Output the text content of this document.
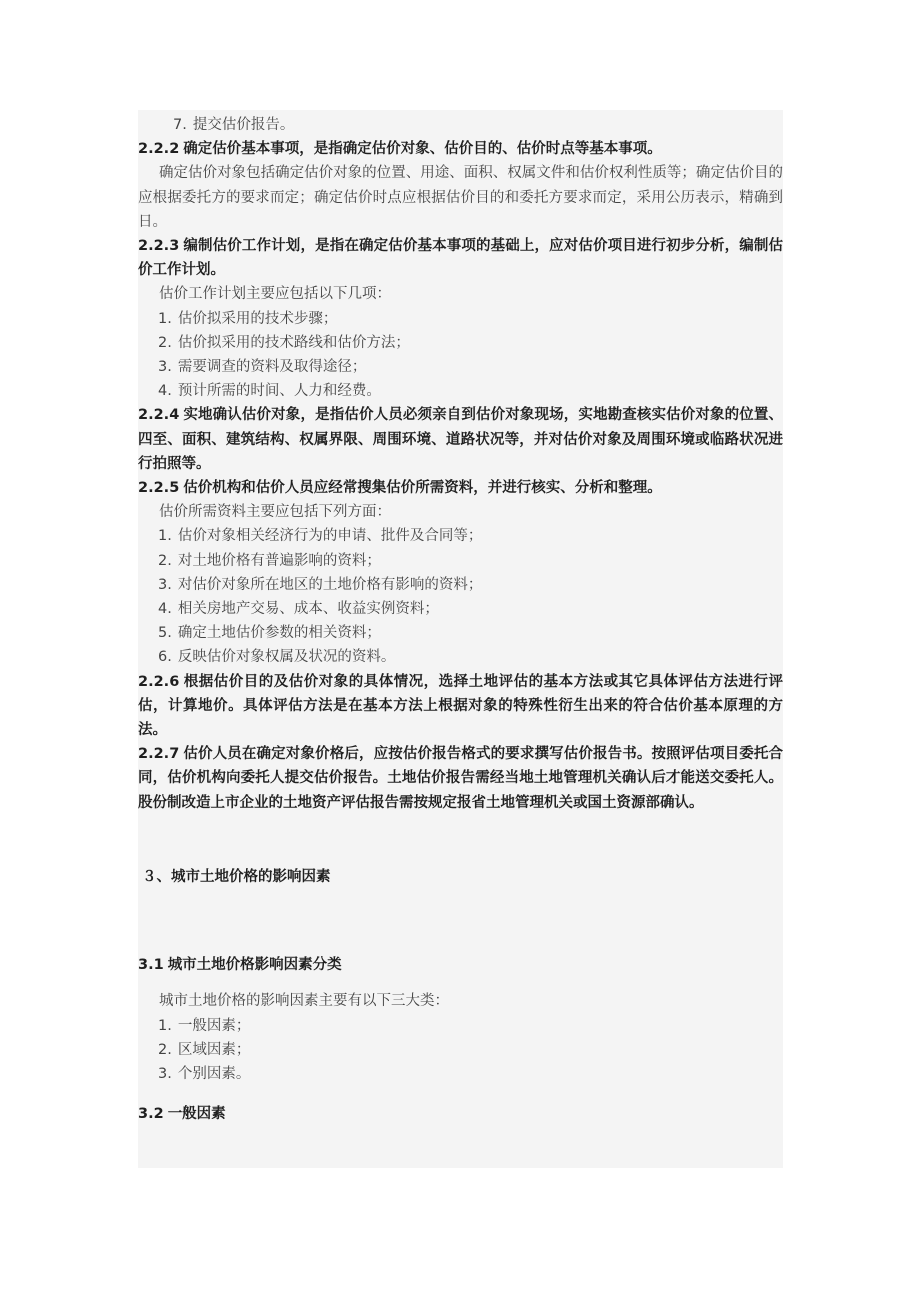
7. 提交估价报告。

2.2.2 确定估价基本事项，是指确定估价对象、估价目的、估价时点等基本事项。

确定估价对象包括确定估价对象的位置、用途、面积、权属文件和估价权利性质等；确定估价目的应根据委托方的要求而定；确定估价时点应根据估价目的和委托方要求而定，采用公历表示，精确到日。

2.2.3 编制估价工作计划，是指在确定估价基本事项的基础上，应对估价项目进行初步分析，编制估价工作计划。

估价工作计划主要应包括以下几项：

1. 估价拟采用的技术步骤；

2. 估价拟采用的技术路线和估价方法；

3. 需要调查的资料及取得途径；

4. 预计所需的时间、人力和经费。

2.2.4 实地确认估价对象，是指估价人员必须亲自到估价对象现场，实地勘查核实估价对象的位置、四至、面积、建筑结构、权属界限、周围环境、道路状况等，并对估价对象及周围环境或临路状况进行拍照等。

2.2.5 估价机构和估价人员应经常搜集估价所需资料，并进行核实、分析和整理。

估价所需资料主要应包括下列方面：

1. 估价对象相关经济行为的申请、批件及合同等；

2. 对土地价格有普遍影响的资料；

3. 对估价对象所在地区的土地价格有影响的资料；

4. 相关房地产交易、成本、收益实例资料；

5. 确定土地估价参数的相关资料；

6. 反映估价对象权属及状况的资料。

2.2.6 根据估价目的及估价对象的具体情况，选择土地评估的基本方法或其它具体评估方法进行评估，计算地价。具体评估方法是在基本方法上根据对象的特殊性衍生出来的符合估价基本原理的方法。

2.2.7 估价人员在确定对象价格后，应按估价报告格式的要求撰写估价报告书。按照评估项目委托合同，估价机构向委托人提交估价报告。土地估价报告需经当地土地管理机关确认后才能送交委托人。股份制改造上市企业的土地资产评估报告需按规定报省土地管理机关或国土资源部确认。

３、城市土地价格的影响因素

3.1 城市土地价格影响因素分类

城市土地价格的影响因素主要有以下三大类：

1. 一般因素；

2. 区域因素；

3. 个别因素。

3.2 一般因素
